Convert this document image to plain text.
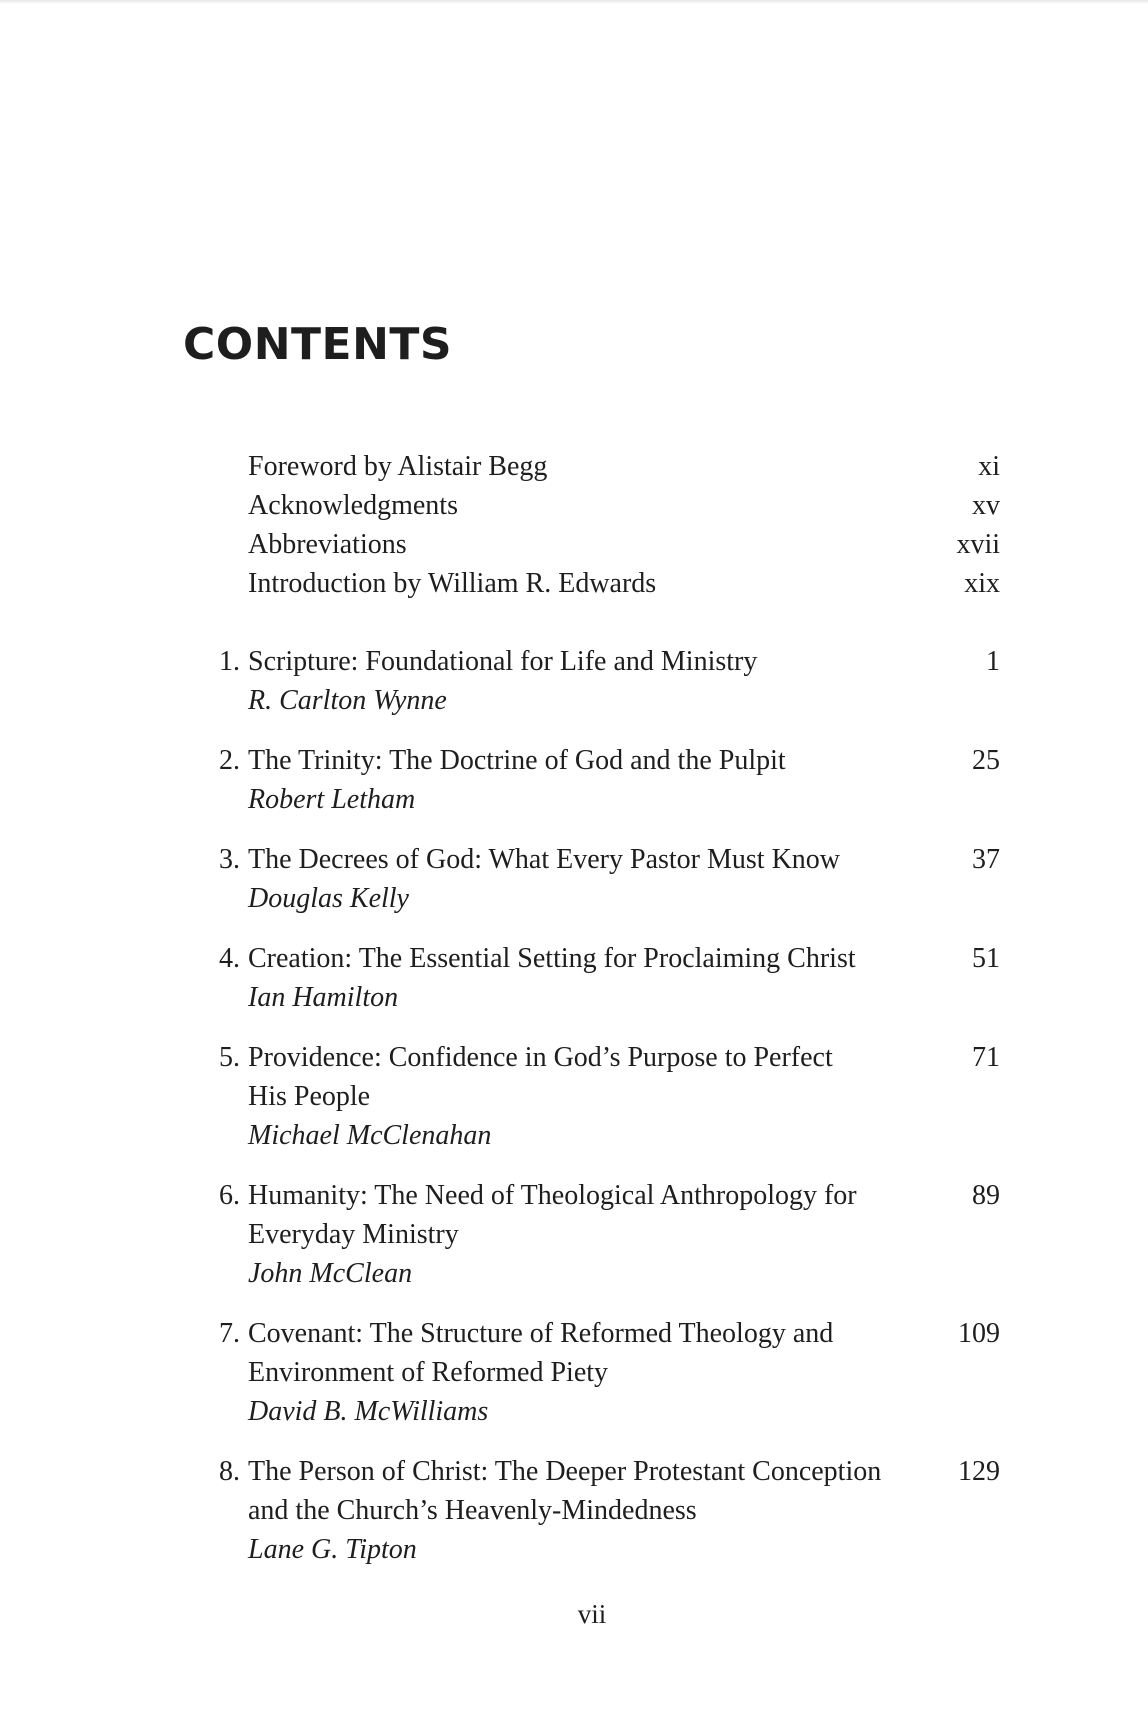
CONTENTS
Foreword by Alistair Begg	xi
Acknowledgments	xv
Abbreviations	xvii
Introduction by William R. Edwards	xix
1. Scripture: Foundational for Life and Ministry	1
R. Carlton Wynne
2. The Trinity: The Doctrine of God and the Pulpit	25
Robert Letham
3. The Decrees of God: What Every Pastor Must Know	37
Douglas Kelly
4. Creation: The Essential Setting for Proclaiming Christ	51
Ian Hamilton
5. Providence: Confidence in God’s Purpose to Perfect	71
His People
Michael McClenahan
6. Humanity: The Need of Theological Anthropology for	89
Everyday Ministry
John McClean
7. Covenant: The Structure of Reformed Theology and	109
Environment of Reformed Piety
David B. McWilliams
8. The Person of Christ: The Deeper Protestant Conception	129
and the Church’s Heavenly-Mindedness
Lane G. Tipton
vii
